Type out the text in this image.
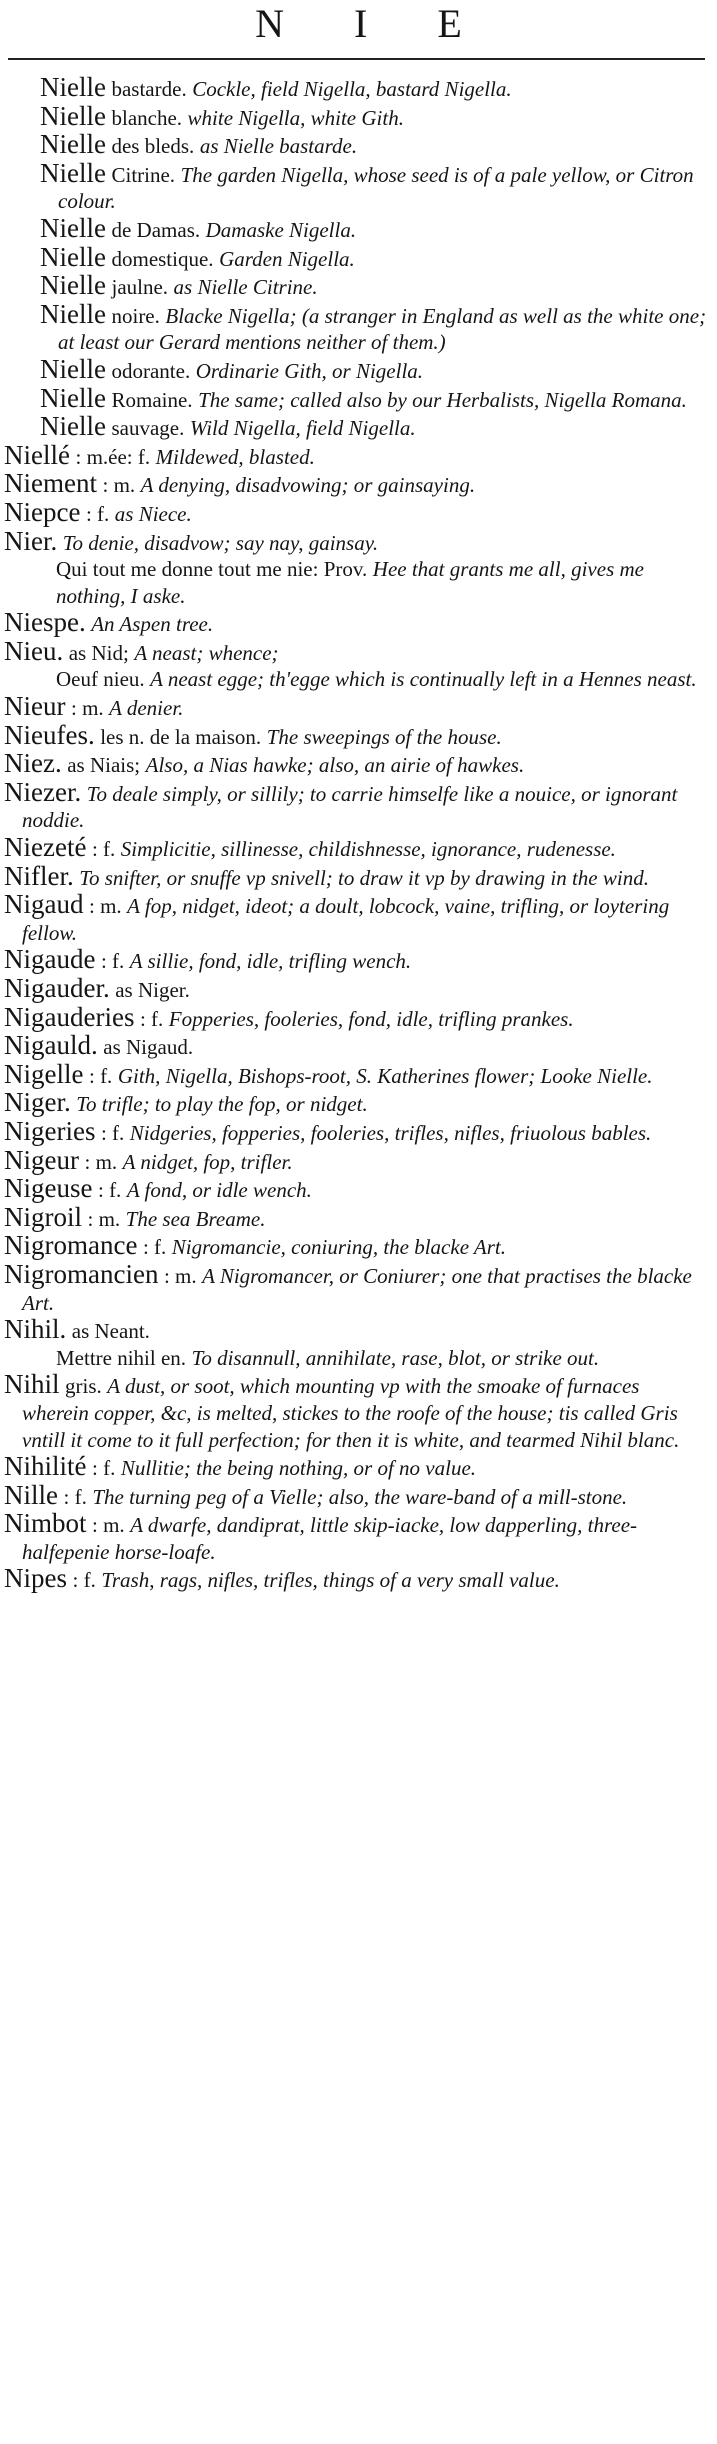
N I E

Nielle bastarde. Cockle, field Nigella, bastard Nigella.

Nielle blanche. white Nigella, white Gith.

Nielle des bleds. as Nielle bastarde.

Nielle Citrine. The garden Nigella, whose seed is of a pale yellow, or Citron colour.

Nielle de Damas. Damaske Nigella.

Nielle domestique. Garden Nigella.

Nielle jaulne. as Nielle Citrine.

Nielle noire. Blacke Nigella; (a stranger in England as well as the white one; at least our Gerard mentions neither of them.)

Nielle odorante. Ordinarie Gith, or Nigella.

Nielle Romaine. The same; called also by our Herbalists, Nigella Romana.

Nielle sauvage. Wild Nigella, field Nigella.

Niellé : m.ée: f. Mildewed, blasted.

Niement : m. A denying, disadvowing; or gainsaying.

Niepce : f. as Niece.

Nier. To denie, disadvow; say nay, gainsay.

Qui tout me donne tout me nie: Prov. Hee that grants me all, gives me nothing, I aske.

Niespe. An Aspen tree.

Nieu. as Nid; A neast; whence;

Oeuf nieu. A neast egge; th'egge which is continually left in a Hennes neast.

Nieur : m. A denier.

Nieufes. les n. de la maison. The sweepings of the house.

Niez. as Niais; Also, a Nias hawke; also, an airie of hawkes.

Niezer. To deale simply, or sillily; to carrie himselfe like a nouice, or ignorant noddie.

Niezeté : f. Simplicitie, sillinesse, childishnesse, ignorance, rudenesse.

Nifler. To snifter, or snuffe vp snivell; to draw it vp by drawing in the wind.

Nigaud : m. A fop, nidget, ideot; a doult, lobcock, vaine, trifling, or loytering fellow.

Nigaude : f. A sillie, fond, idle, trifling wench.

Nigauder. as Niger.

Nigauderies : f. Fopperies, fooleries, fond, idle, trifling prankes.

Nigauld. as Nigaud.

Nigelle : f. Gith, Nigella, Bishops-root, S. Katherines flower; Looke Nielle.

Niger. To trifle; to play the fop, or nidget.

Nigeries : f. Nidgeries, fopperies, fooleries, trifles, nifles, friuolous bables.

Nigeur : m. A nidget, fop, trifler.

Nigeuse : f. A fond, or idle wench.

Nigroil : m. The sea Breame.

Nigromance : f. Nigromancie, coniuring, the blacke Art.

Nigromancien : m. A Nigromancer, or Coniurer; one that practises the blacke Art.

Nihil. as Neant.

Mettre nihil en. To disannull, annihilate, rase, blot, or strike out.

Nihil gris. A dust, or soot, which mounting vp with the smoake of furnaces wherein copper, &c, is melted, stickes to the roofe of the house; tis called Gris vntill it come to it full perfection; for then it is white, and tearmed Nihil blanc.

Nihilité : f. Nullitie; the being nothing, or of no value.

Nille : f. The turning peg of a Vielle; also, the ware-band of a mill-stone.

Nimbot : m. A dwarfe, dandiprat, little skip-iacke, low dapperling, three-halfepenie horse-loafe.

Nipes : f. Trash, rags, nifles, trifles, things of a very small value.
